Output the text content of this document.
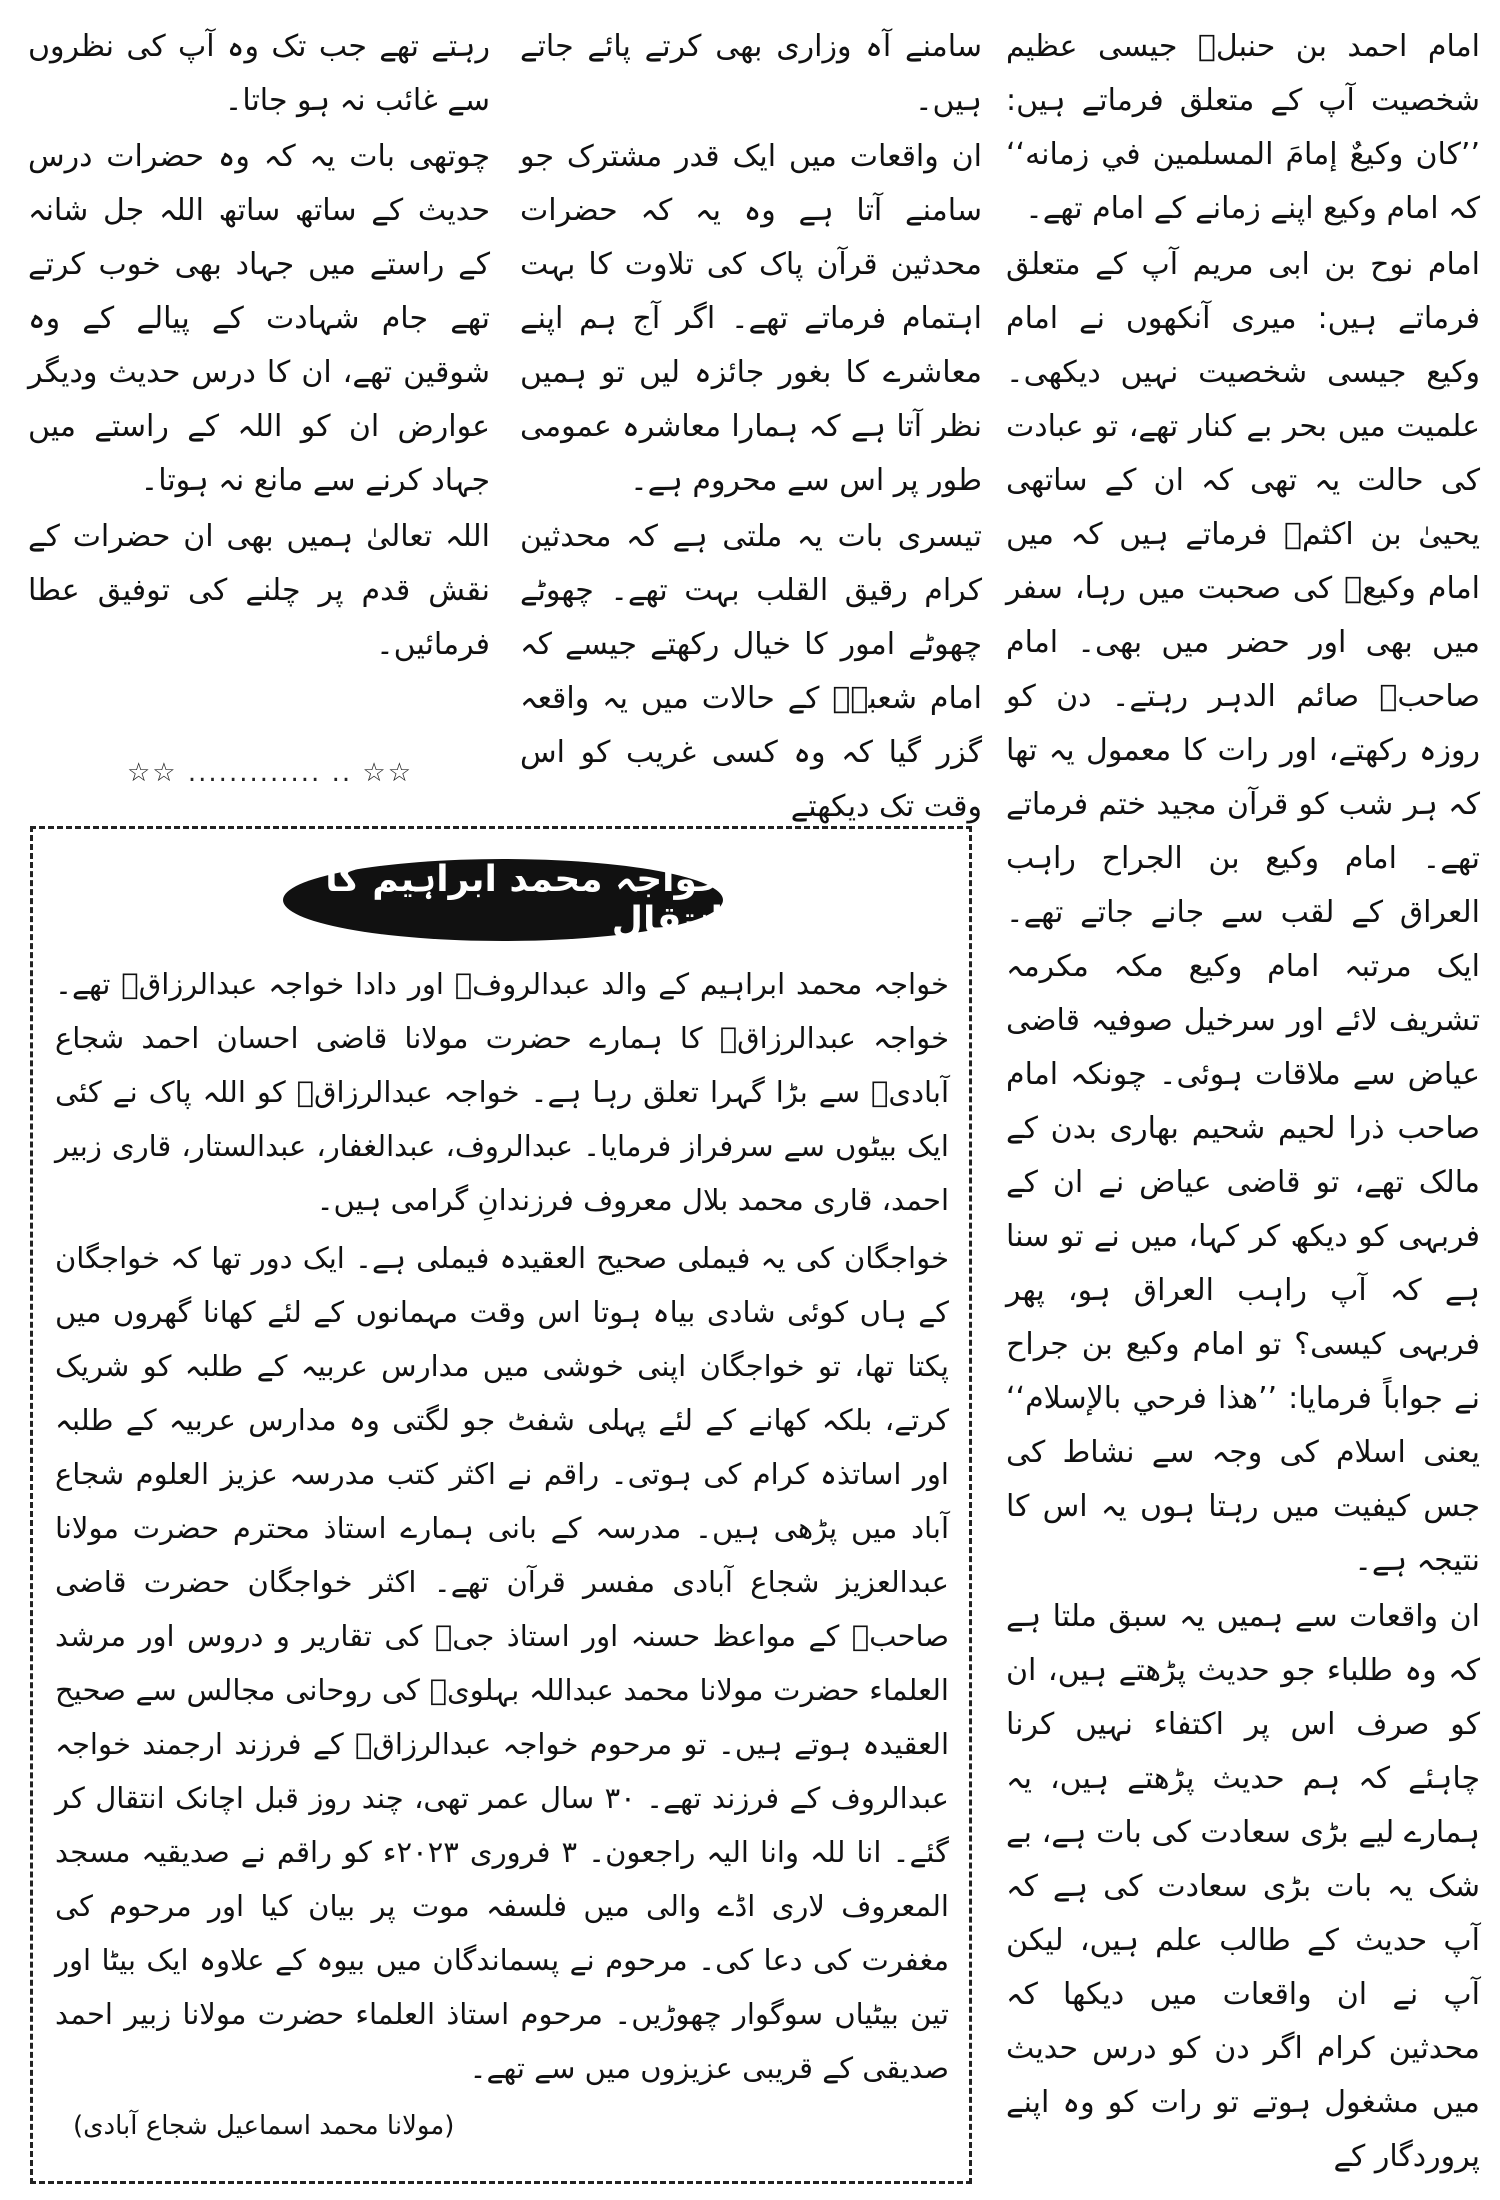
امام احمد بن حنبلؒ جیسی عظیم شخصیت آپ کے متعلق فرماتے ہیں: ’’كان وكيعٌ إمامَ المسلمين في زمانه‘‘ کہ امام وکیع اپنے زمانے کے امام تھے۔

امام نوح بن ابی مریم آپ کے متعلق فرماتے ہیں: میری آنکھوں نے امام وکیع جیسی شخصیت نہیں دیکھی۔ علمیت میں بحر بے کنار تھے، تو عبادت کی حالت یہ تھی کہ ان کے ساتھی یحییٰ بن اکثمؒ فرماتے ہیں کہ میں امام وکیعؒ کی صحبت میں رہا، سفر میں بھی اور حضر میں بھی۔ امام صاحبؒ صائم الدہر رہتے۔ دن کو روزہ رکھتے، اور رات کا معمول یہ تھا کہ ہر شب کو قرآن مجید ختم فرماتے تھے۔ امام وکیع بن الجراح راہب العراق کے لقب سے جانے جاتے تھے۔ ایک مرتبہ امام وکیع مکہ مکرمہ تشریف لائے اور سرخیل صوفیہ قاضی عیاض سے ملاقات ہوئی۔ چونکہ امام صاحب ذرا لحیم شحیم بھاری بدن کے مالک تھے، تو قاضی عیاض نے ان کے فربہی کو دیکھ کر کہا، میں نے تو سنا ہے کہ آپ راہب العراق ہو، پھر فربہی کیسی؟ تو امام وکیع بن جراح نے جواباً فرمایا: ’’هذا فرحي بالإسلام‘‘ یعنی اسلام کی وجہ سے نشاط کی جس کیفیت میں رہتا ہوں یہ اس کا نتیجہ ہے۔

ان واقعات سے ہمیں یہ سبق ملتا ہے کہ وہ طلباء جو حدیث پڑھتے ہیں، ان کو صرف اس پر اکتفاء نہیں کرنا چاہئے کہ ہم حدیث پڑھتے ہیں، یہ ہمارے لیے بڑی سعادت کی بات ہے، بے شک یہ بات بڑی سعادت کی ہے کہ آپ حدیث کے طالب علم ہیں، لیکن آپ نے ان واقعات میں دیکھا کہ محدثین کرام اگر دن کو درس حدیث میں مشغول ہوتے تو رات کو وہ اپنے پروردگار کے

سامنے آہ وزاری بھی کرتے پائے جاتے ہیں۔

ان واقعات میں ایک قدر مشترک جو سامنے آتا ہے وہ یہ کہ حضرات محدثین قرآن پاک کی تلاوت کا بہت اہتمام فرماتے تھے۔ اگر آج ہم اپنے معاشرے کا بغور جائزہ لیں تو ہمیں نظر آتا ہے کہ ہمارا معاشرہ عمومی طور پر اس سے محروم ہے۔

تیسری بات یہ ملتی ہے کہ محدثین کرام رقیق القلب بہت تھے۔ چھوٹے چھوٹے امور کا خیال رکھتے جیسے کہ امام شعبہؒ کے حالات میں یہ واقعہ گزر گیا کہ وہ کسی غریب کو اس وقت تک دیکھتے

رہتے تھے جب تک وہ آپ کی نظروں سے غائب نہ ہو جاتا۔

چوتھی بات یہ کہ وہ حضرات درس حدیث کے ساتھ ساتھ اللہ جل شانہ کے راستے میں جہاد بھی خوب کرتے تھے جام شہادت کے پیالے کے وہ شوقین تھے، ان کا درس حدیث ودیگر عوارض ان کو اللہ کے راستے میں جہاد کرنے سے مانع نہ ہوتا۔

اللہ تعالیٰ ہمیں بھی ان حضرات کے نقش قدم پر چلنے کی توفیق عطا فرمائیں۔

☆☆ ............. .. ☆☆
خواجہ محمد ابراہیم کا انتقال

خواجہ محمد ابراہیم کے والد عبدالروفؒ اور دادا خواجہ عبدالرزاقؒ تھے۔ خواجہ عبدالرزاقؒ کا ہمارے حضرت مولانا قاضی احسان احمد شجاع آبادیؒ سے بڑا گہرا تعلق رہا ہے۔ خواجہ عبدالرزاقؒ کو اللہ پاک نے کئی ایک بیٹوں سے سرفراز فرمایا۔ عبدالروف، عبدالغفار، عبدالستار، قاری زبیر احمد، قاری محمد بلال معروف فرزندانِ گرامی ہیں۔

خواجگان کی یہ فیملی صحیح العقیدہ فیملی ہے۔ ایک دور تھا کہ خواجگان کے ہاں کوئی شادی بیاہ ہوتا اس وقت مہمانوں کے لئے کھانا گھروں میں پکتا تھا، تو خواجگان اپنی خوشی میں مدارس عربیہ کے طلبہ کو شریک کرتے، بلکہ کھانے کے لئے پہلی شفٹ جو لگتی وہ مدارس عربیہ کے طلبہ اور اساتذہ کرام کی ہوتی۔ راقم نے اکثر کتب مدرسہ عزیز العلوم شجاع آباد میں پڑھی ہیں۔ مدرسہ کے بانی ہمارے استاذ محترم حضرت مولانا عبدالعزیز شجاع آبادی مفسر قرآن تھے۔ اکثر خواجگان حضرت قاضی صاحبؒ کے مواعظ حسنہ اور استاذ جیؒ کی تقاریر و دروس اور مرشد العلماء حضرت مولانا محمد عبداللہ بہلویؒ کی روحانی مجالس سے صحیح العقیدہ ہوتے ہیں۔ تو مرحوم خواجہ عبدالرزاقؒ کے فرزند ارجمند خواجہ عبدالروف کے فرزند تھے۔ ۳۰ سال عمر تھی، چند روز قبل اچانک انتقال کر گئے۔ انا للہ وانا الیہ راجعون۔ ۳ فروری ۲۰۲۳ء کو راقم نے صدیقیہ مسجد المعروف لاری اڈے والی میں فلسفہ موت پر بیان کیا اور مرحوم کی مغفرت کی دعا کی۔ مرحوم نے پسماندگان میں بیوہ کے علاوہ ایک بیٹا اور تین بیٹیاں سوگوار چھوڑیں۔ مرحوم استاذ العلماء حضرت مولانا زبیر احمد صدیقی کے قریبی عزیزوں میں سے تھے۔

(مولانا محمد اسماعیل شجاع آبادی)
